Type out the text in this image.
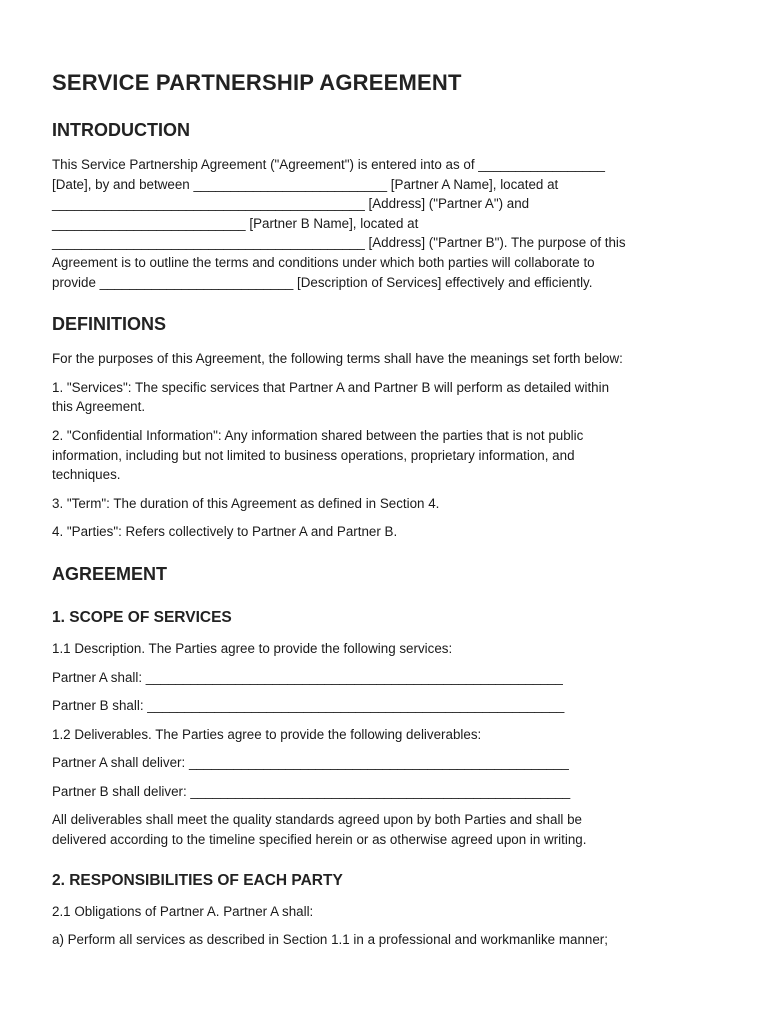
SERVICE PARTNERSHIP AGREEMENT
INTRODUCTION

This Service Partnership Agreement ("Agreement") is entered into as of _________________
[Date], by and between __________________________ [Partner A Name], located at
__________________________________________ [Address] ("Partner A") and
__________________________ [Partner B Name], located at
__________________________________________ [Address] ("Partner B"). The purpose of this
Agreement is to outline the terms and conditions under which both parties will collaborate to
provide __________________________ [Description of Services] effectively and efficiently.

DEFINITIONS

For the purposes of this Agreement, the following terms shall have the meanings set forth below:

1. "Services": The specific services that Partner A and Partner B will perform as detailed within
this Agreement.

2. "Confidential Information": Any information shared between the parties that is not public
information, including but not limited to business operations, proprietary information, and
techniques.

3. "Term": The duration of this Agreement as defined in Section 4.

4. "Parties": Refers collectively to Partner A and Partner B.

AGREEMENT
1. SCOPE OF SERVICES

1.1 Description. The Parties agree to provide the following services:

Partner A shall: ________________________________________________________

Partner B shall: ________________________________________________________

1.2 Deliverables. The Parties agree to provide the following deliverables:

Partner A shall deliver: ___________________________________________________

Partner B shall deliver: ___________________________________________________

All deliverables shall meet the quality standards agreed upon by both Parties and shall be
delivered according to the timeline specified herein or as otherwise agreed upon in writing.

2. RESPONSIBILITIES OF EACH PARTY

2.1 Obligations of Partner A. Partner A shall:

a) Perform all services as described in Section 1.1 in a professional and workmanlike manner;
